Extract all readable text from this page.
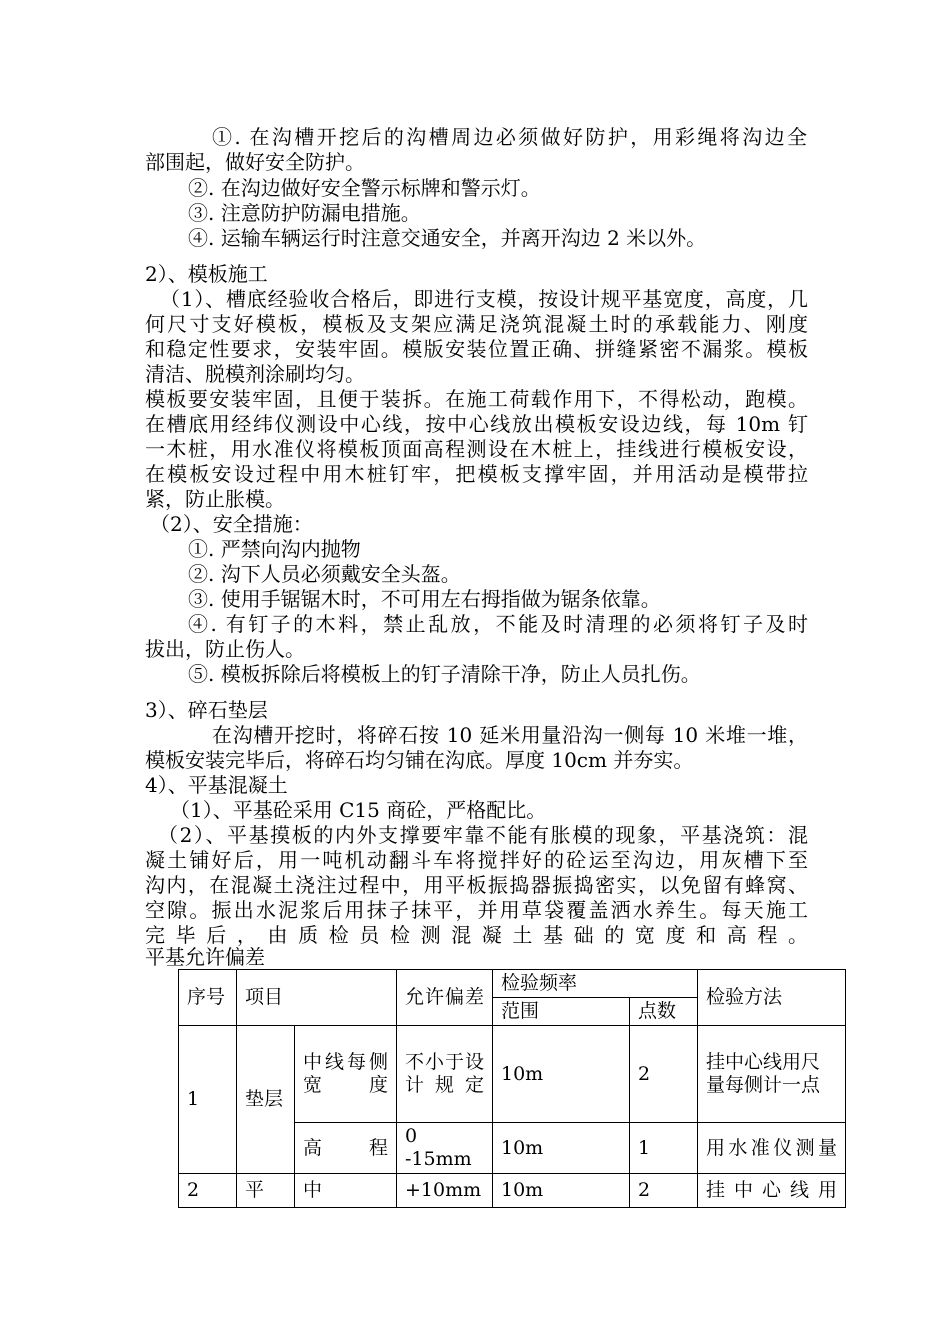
①. 在沟槽开挖后的沟槽周边必须做好防护，用彩绳将沟边全
部围起，做好安全防护。
②. 在沟边做好安全警示标牌和警示灯。
③. 注意防护防漏电措施。
④. 运输车辆运行时注意交通安全，并离开沟边 2 米以外。
2）、模板施工
（1）、槽底经验收合格后，即进行支模，按设计规平基宽度，高度，几
何尺寸支好模板，模板及支架应满足浇筑混凝土时的承载能力、刚度
和稳定性要求，安装牢固。模版安装位置正确、拼缝紧密不漏浆。模板
清洁、脱模剂涂刷均匀。
模板要安装牢固，且便于装拆。在施工荷载作用下，不得松动，跑模。
在槽底用经纬仪测设中心线，按中心线放出模板安设边线，每 10m 钉
一木桩，用水准仪将模板顶面高程测设在木桩上，挂线进行模板安设，
在模板安设过程中用木桩钉牢，把模板支撑牢固，并用活动是模带拉
紧，防止胀模。
（2）、安全措施：
①. 严禁向沟内抛物
②. 沟下人员必须戴安全头盔。
③. 使用手锯锯木时，不可用左右拇指做为锯条依靠。
④. 有钉子的木料，禁止乱放，不能及时清理的必须将钉子及时
拔出，防止伤人。
⑤. 模板拆除后将模板上的钉子清除干净，防止人员扎伤。
3）、碎石垫层
在沟槽开挖时，将碎石按 10 延米用量沿沟一侧每 10 米堆一堆，
模板安装完毕后，将碎石均匀铺在沟底。厚度 10cm 并夯实。
4）、平基混凝土
（1）、平基砼采用 C15 商砼，严格配比。
（2）、平基摸板的内外支撑要牢靠不能有胀模的现象，平基浇筑：混
凝土铺好后，用一吨机动翻斗车将搅拌好的砼运至沟边，用灰槽下至
沟内，在混凝土浇注过程中，用平板振捣器振捣密实，以免留有蜂窝、
空隙。振出水泥浆后用抹子抹平，并用草袋覆盖洒水养生。每天施工
完毕后，由质检员检测混凝土基础的宽度和高程。
平基允许偏差
序号	项目		允许偏差	检验频率		检验方法
				范围	点数	
1	垫层	中线每侧宽度	不小于设计规定	10m	2	挂中心线用尺量每侧计一点
		高程	0
-15mm	10m	1	用水准仪测量
2	平	中	+10mm	10m	2	挂中心线用
